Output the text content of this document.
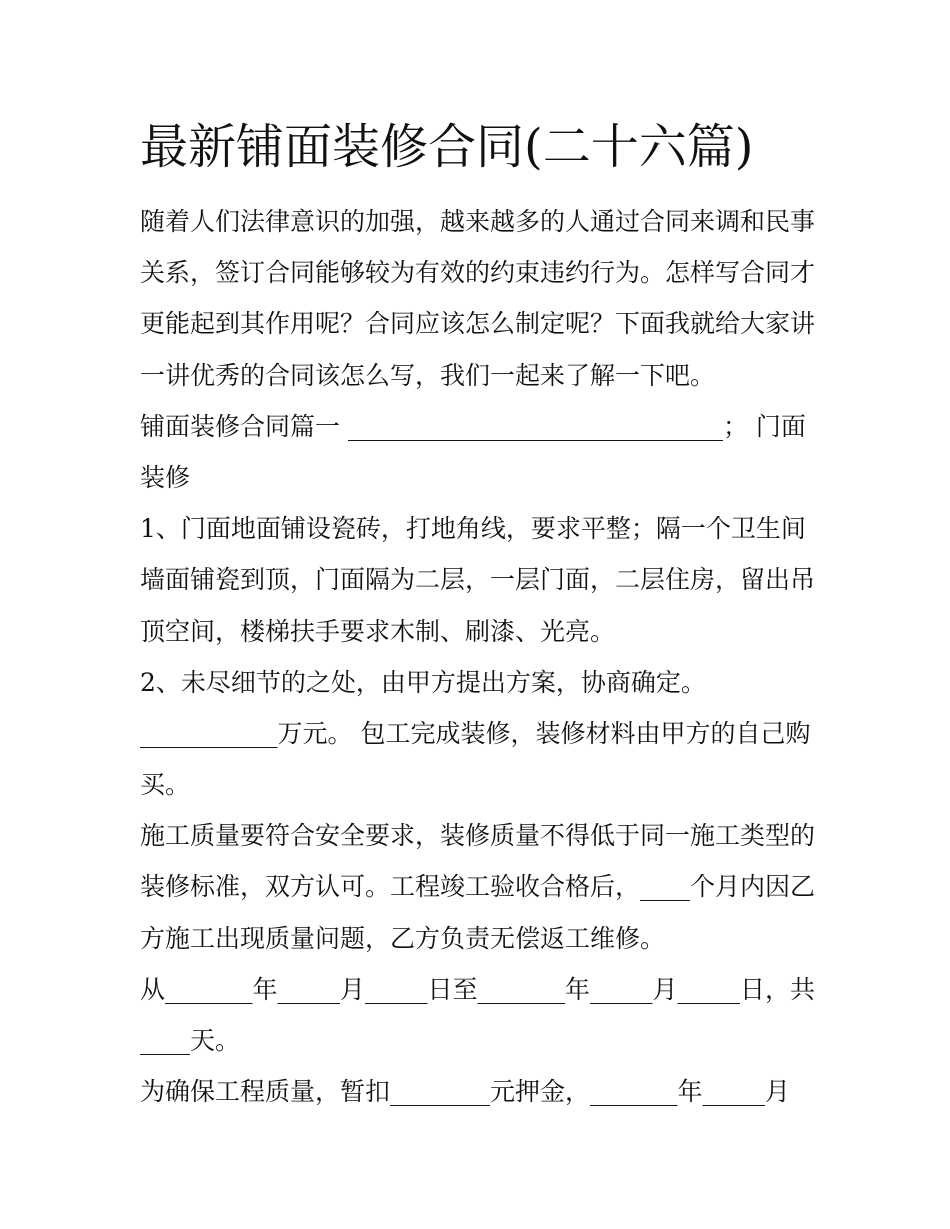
最新铺面装修合同(二十六篇)
随着人们法律意识的加强，越来越多的人通过合同来调和民事
关系，签订合同能够较为有效的约束违约行为。怎样写合同才
更能起到其作用呢？合同应该怎么制定呢？下面我就给大家讲
一讲优秀的合同该怎么写，我们一起来了解一下吧。
铺面装修合同篇一 ______________________________； 门面
装修
1、门面地面铺设瓷砖，打地角线，要求平整；隔一个卫生间
墙面铺瓷到顶，门面隔为二层，一层门面，二层住房，留出吊
顶空间，楼梯扶手要求木制、刷漆、光亮。
2、未尽细节的之处，由甲方提出方案，协商确定。
___________万元。 包工完成装修，装修材料由甲方的自己购
买。
施工质量要符合安全要求，装修质量不得低于同一施工类型的
装修标准，双方认可。工程竣工验收合格后，____个月内因乙
方施工出现质量问题，乙方负责无偿返工维修。
从_______年_____月_____日至_______年_____月_____日，共
____天。
为确保工程质量，暂扣________元押金，_______年_____月
